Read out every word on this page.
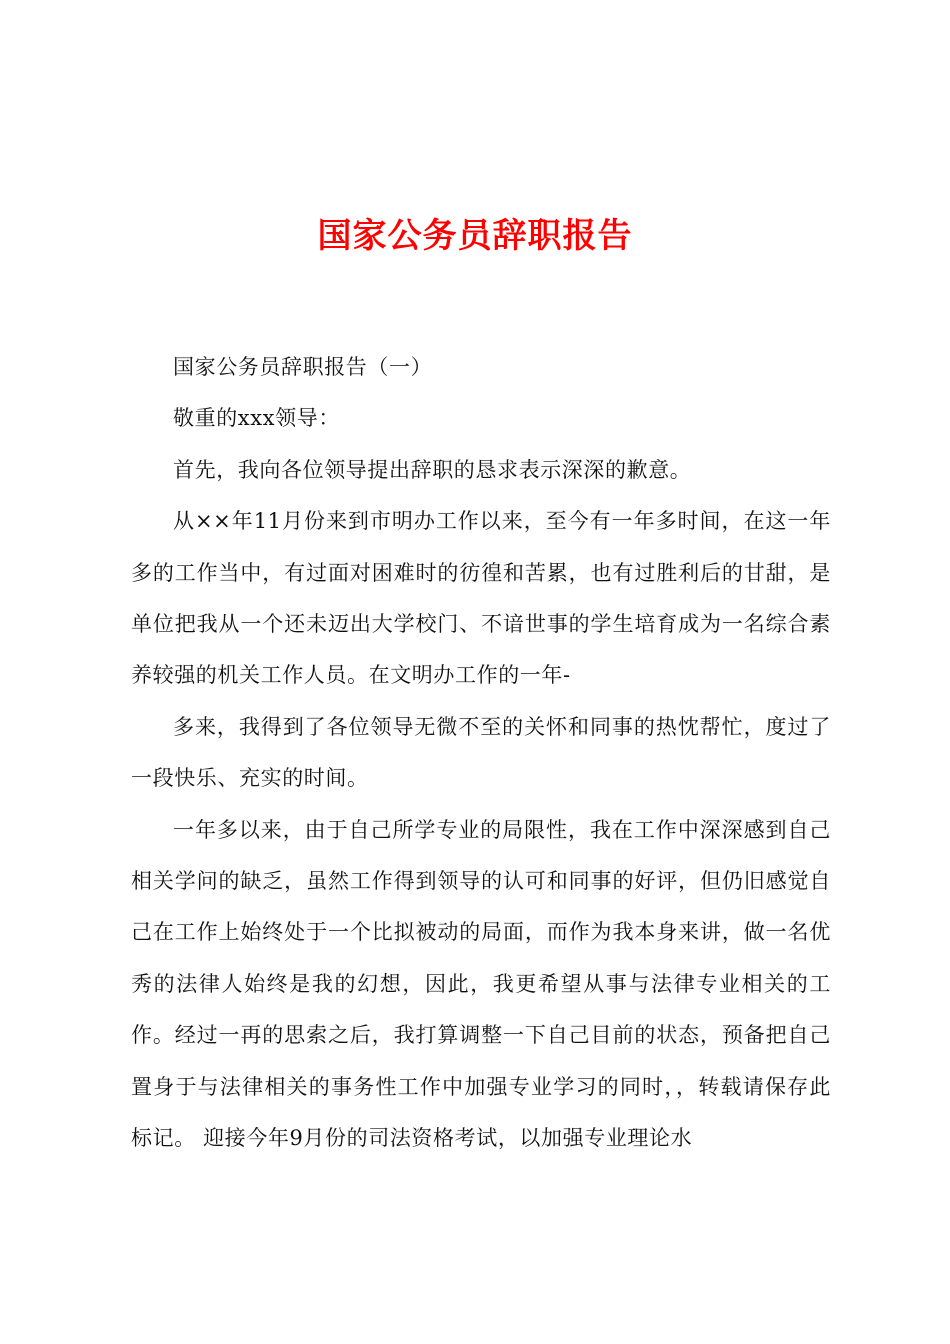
国家公务员辞职报告

国家公务员辞职报告（一）

敬重的xxx领导：

首先，我向各位领导提出辞职的恳求表示深深的歉意。

从××年11月份来到市明办工作以来，至今有一年多时间，在这一年多的工作当中，有过面对困难时的彷徨和苦累，也有过胜利后的甘甜，是单位把我从一个还未迈出大学校门、不谙世事的学生培育成为一名综合素养较强的机关工作人员。在文明办工作的一年-

多来，我得到了各位领导无微不至的关怀和同事的热忱帮忙，度过了一段快乐、充实的时间。

一年多以来，由于自己所学专业的局限性，我在工作中深深感到自己相关学问的缺乏，虽然工作得到领导的认可和同事的好评，但仍旧感觉自己在工作上始终处于一个比拟被动的局面，而作为我本身来讲，做一名优秀的法律人始终是我的幻想，因此，我更希望从事与法律专业相关的工作。经过一再的思索之后，我打算调整一下自己目前的状态，预备把自己置身于与法律相关的事务性工作中加强专业学习的同时，，转载请保存此标记。 迎接今年9月份的司法资格考试，以加强专业理论水
